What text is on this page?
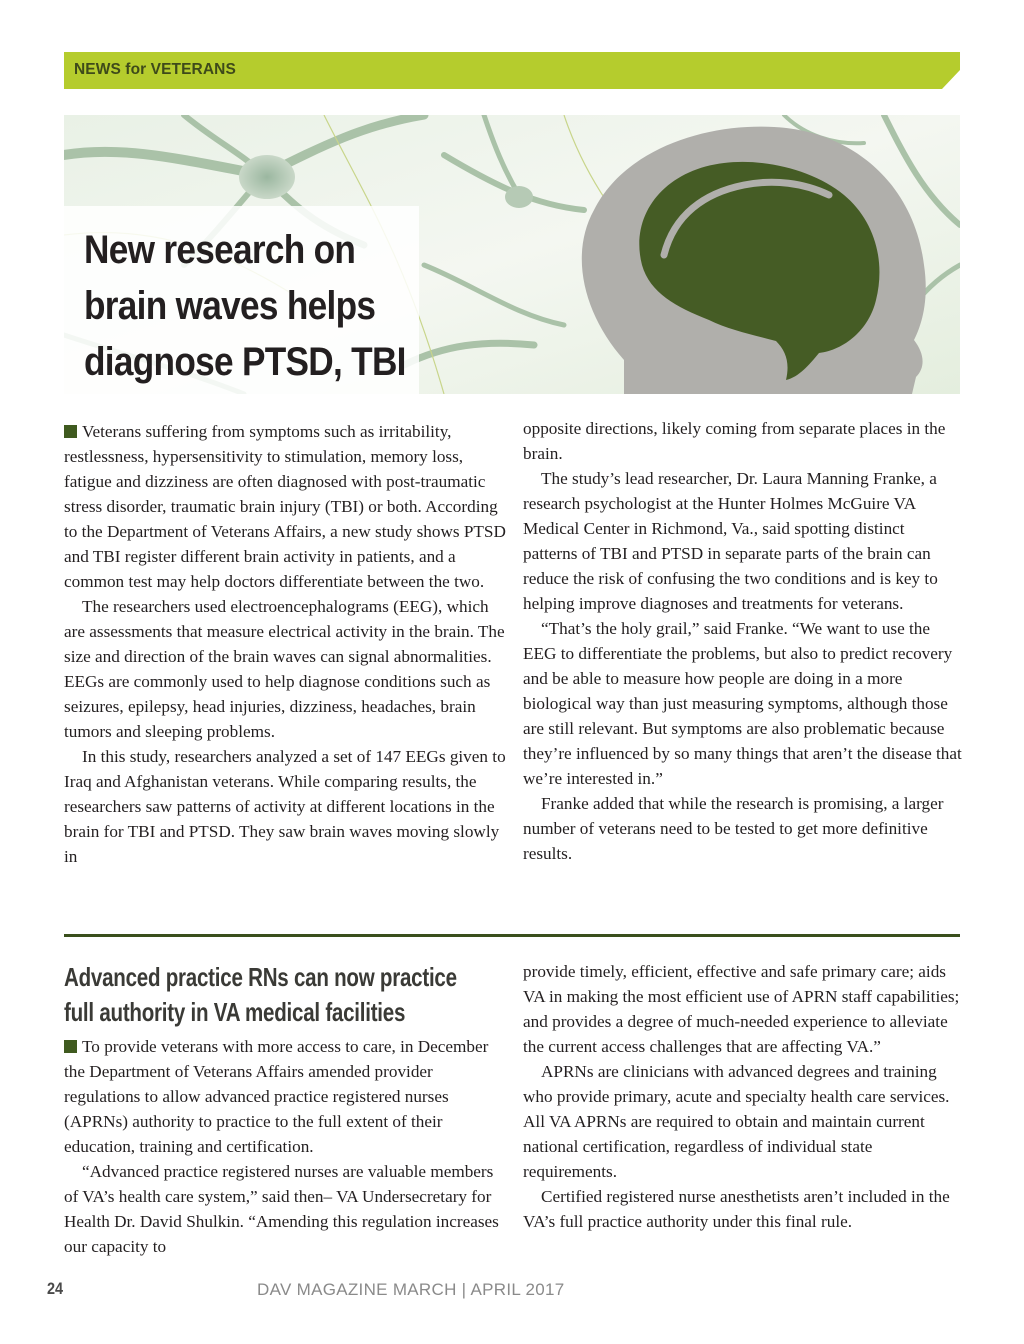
NEWS for VETERANS
New research on
brain waves helps
diagnose PTSD, TBI

Veterans suffering from symptoms such as irritability, restlessness, hypersensitivity to stimulation, memory loss, fatigue and dizziness are often diagnosed with post-traumatic stress disorder, traumatic brain injury (TBI) or both. According to the Department of Veterans Affairs, a new study shows PTSD and TBI register different brain activity in patients, and a common test may help doctors differentiate between the two.

The researchers used electroencephalograms (EEG), which are assessments that measure electrical activity in the brain. The size and direction of the brain waves can signal abnormalities. EEGs are commonly used to help diagnose conditions such as seizures, epilepsy, head injuries, dizziness, headaches, brain tumors and sleeping problems.

In this study, researchers analyzed a set of 147 EEGs given to Iraq and Afghanistan veterans. While comparing results, the researchers saw patterns of activity at different locations in the brain for TBI and PTSD. They saw brain waves moving slowly in

opposite directions, likely coming from separate places in the brain.

The study’s lead researcher, Dr. Laura Manning Franke, a research psychologist at the Hunter Holmes McGuire VA Medical Center in Richmond, Va., said spotting distinct patterns of TBI and PTSD in separate parts of the brain can reduce the risk of confusing the two conditions and is key to helping improve diagnoses and treatments for veterans.

“That’s the holy grail,” said Franke. “We want to use the EEG to differentiate the problems, but also to predict recovery and be able to measure how people are doing in a more biological way than just measuring symptoms, although those are still relevant. But symptoms are also problematic because they’re influenced by so many things that aren’t the disease that we’re interested in.”

Franke added that while the research is promising, a larger number of veterans need to be tested to get more definitive results.

Advanced practice RNs can now practice
full authority in VA medical facilities

To provide veterans with more access to care, in December the Department of Veterans Affairs amended provider regulations to allow advanced practice registered nurses (APRNs) authority to practice to the full extent of their education, training and certification.

“Advanced practice registered nurses are valuable members of VA’s health care system,” said then– VA Undersecretary for Health Dr. David Shulkin. “Amending this regulation increases our capacity to

provide timely, efficient, effective and safe primary care; aids VA in making the most efficient use of APRN staff capabilities; and provides a degree of much-needed experience to alleviate the current access challenges that are affecting VA.”

APRNs are clinicians with advanced degrees and training who provide primary, acute and specialty health care services. All VA APRNs are required to obtain and maintain current national certification, regardless of individual state requirements.

Certified registered nurse anesthetists aren’t included in the VA’s full practice authority under this final rule.

24	DAV MAGAZINE MARCH | APRIL 2017
